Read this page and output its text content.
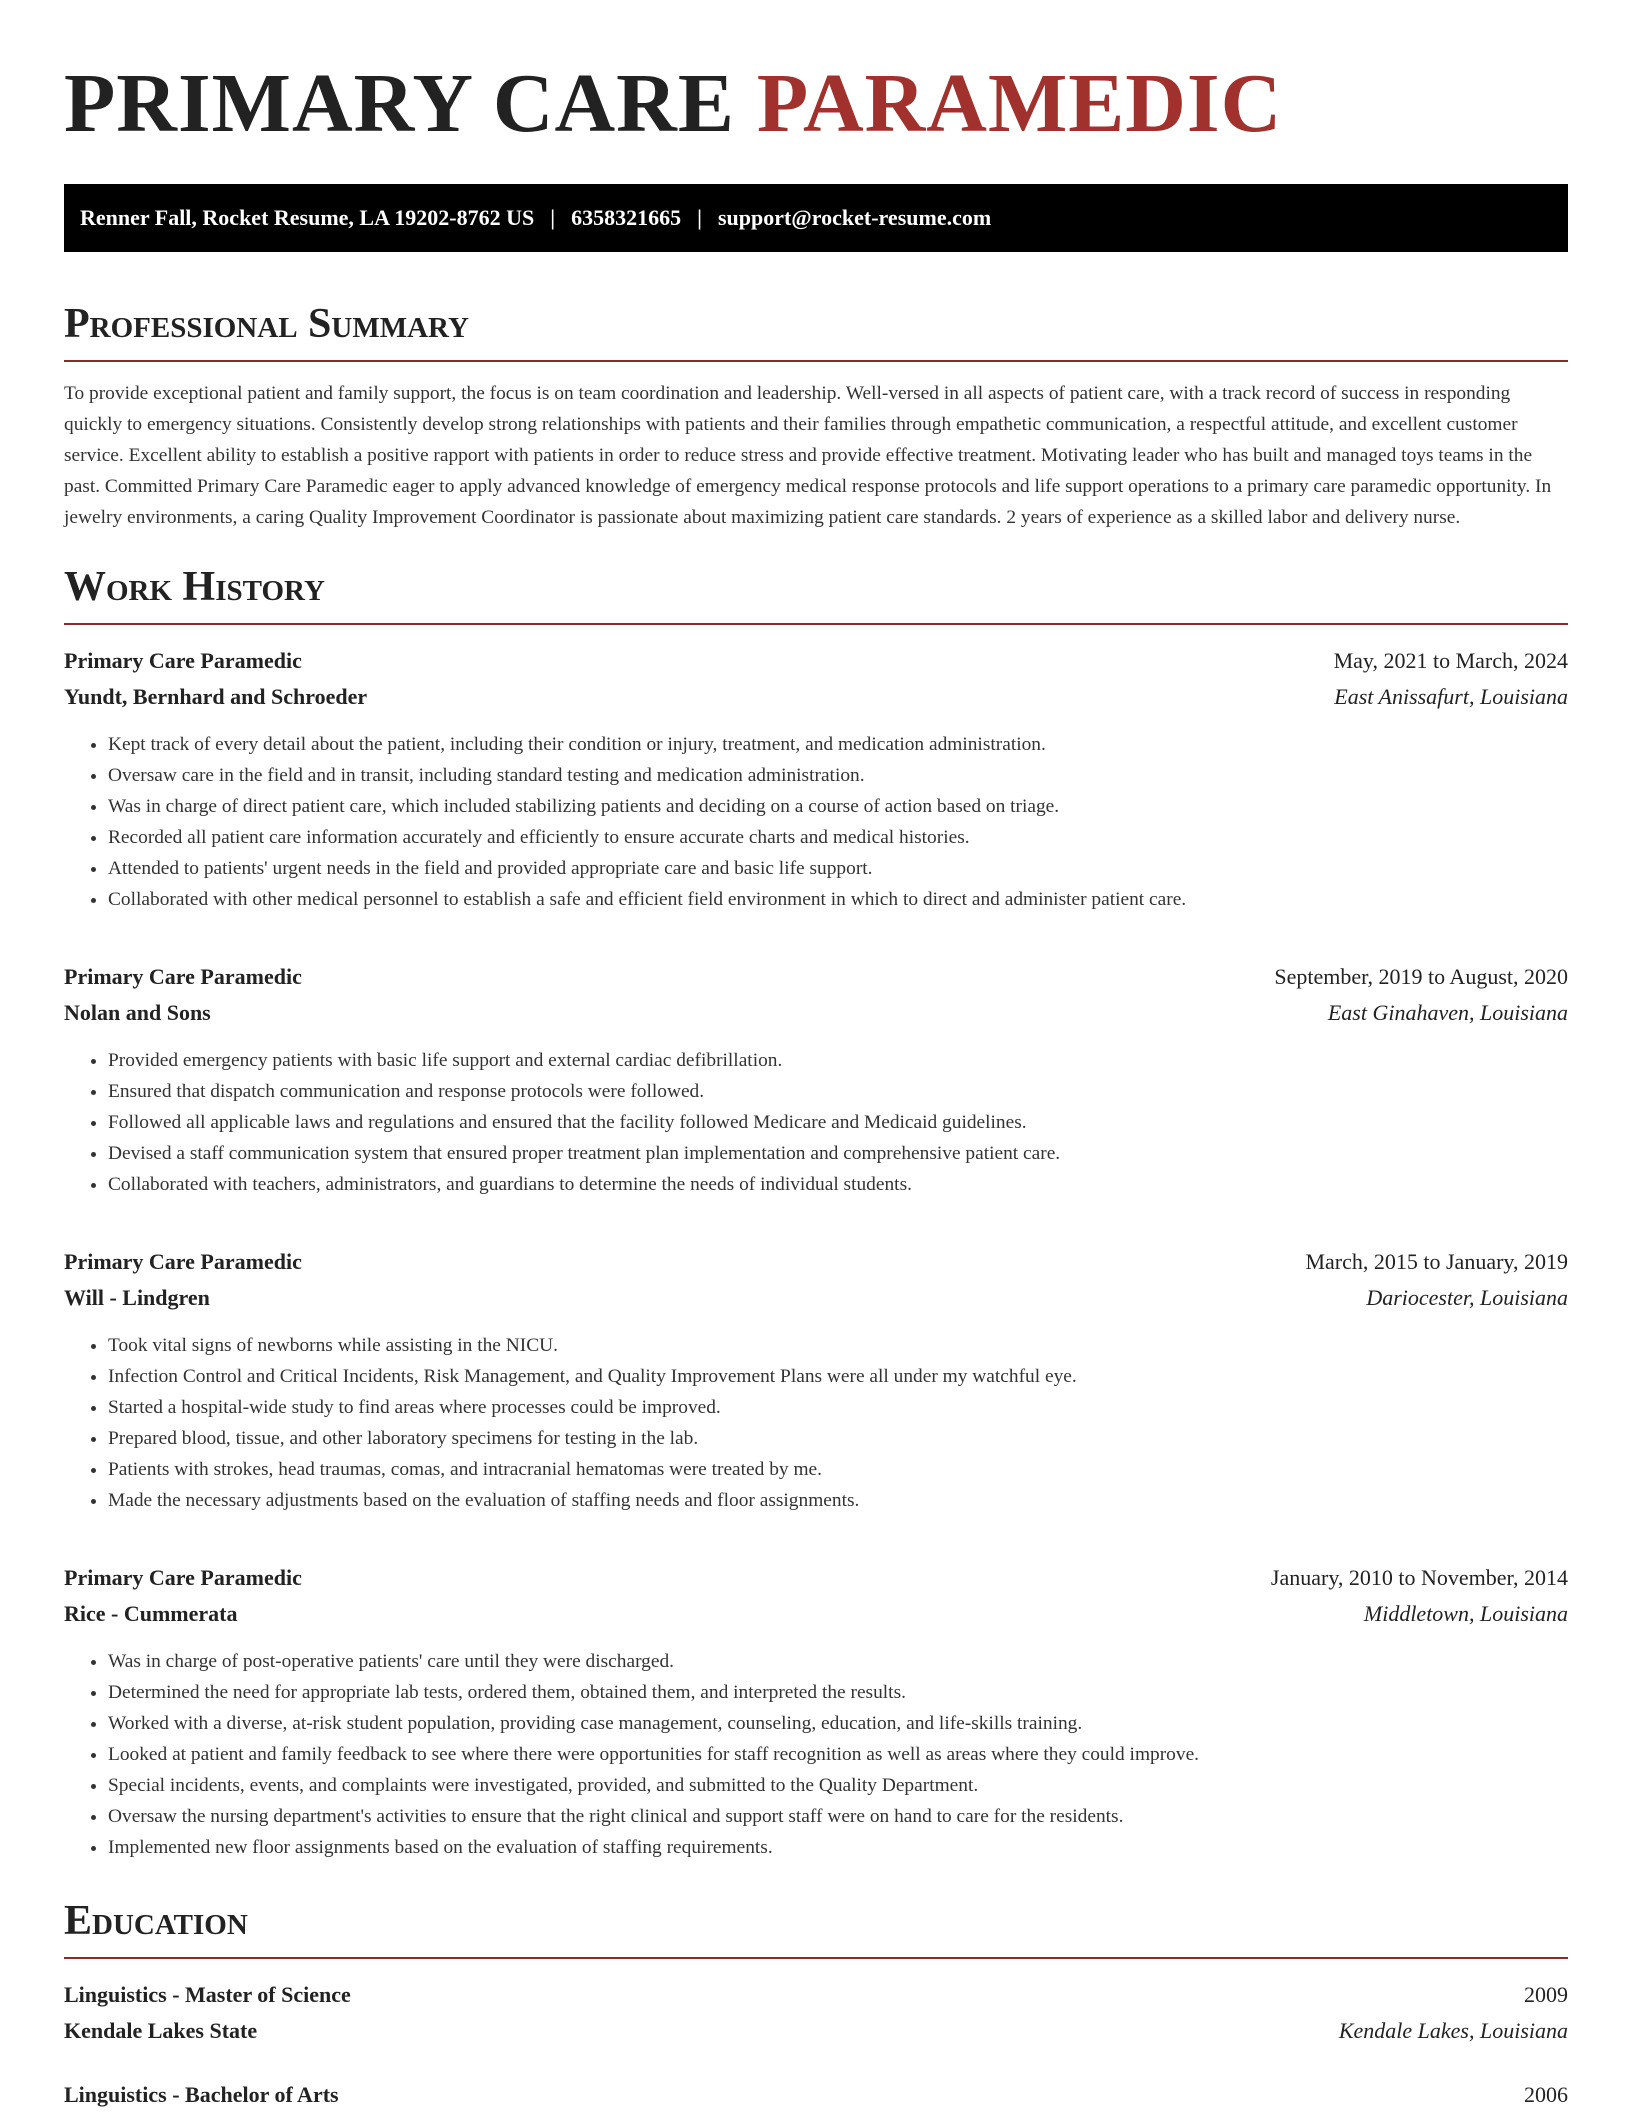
PRIMARY CARE PARAMEDIC
Renner Fall, Rocket Resume, LA 19202-8762 US | 6358321665 | support@rocket-resume.com
Professional Summary

To provide exceptional patient and family support, the focus is on team coordination and leadership. Well-versed in all aspects of patient care, with a track record of success in responding quickly to emergency situations. Consistently develop strong relationships with patients and their families through empathetic communication, a respectful attitude, and excellent customer service. Excellent ability to establish a positive rapport with patients in order to reduce stress and provide effective treatment. Motivating leader who has built and managed toys teams in the past. Committed Primary Care Paramedic eager to apply advanced knowledge of emergency medical response protocols and life support operations to a primary care paramedic opportunity. In jewelry environments, a caring Quality Improvement Coordinator is passionate about maximizing patient care standards. 2 years of experience as a skilled labor and delivery nurse.

Work History
Primary Care Paramedic	May, 2021 to March, 2024
Yundt, Bernhard and Schroeder	East Anissafurt, Louisiana
• Kept track of every detail about the patient, including their condition or injury, treatment, and medication administration.
• Oversaw care in the field and in transit, including standard testing and medication administration.
• Was in charge of direct patient care, which included stabilizing patients and deciding on a course of action based on triage.
• Recorded all patient care information accurately and efficiently to ensure accurate charts and medical histories.
• Attended to patients' urgent needs in the field and provided appropriate care and basic life support.
• Collaborated with other medical personnel to establish a safe and efficient field environment in which to direct and administer patient care.
Primary Care Paramedic	September, 2019 to August, 2020
Nolan and Sons	East Ginahaven, Louisiana
• Provided emergency patients with basic life support and external cardiac defibrillation.
• Ensured that dispatch communication and response protocols were followed.
• Followed all applicable laws and regulations and ensured that the facility followed Medicare and Medicaid guidelines.
• Devised a staff communication system that ensured proper treatment plan implementation and comprehensive patient care.
• Collaborated with teachers, administrators, and guardians to determine the needs of individual students.
Primary Care Paramedic	March, 2015 to January, 2019
Will - Lindgren	Dariocester, Louisiana
• Took vital signs of newborns while assisting in the NICU.
• Infection Control and Critical Incidents, Risk Management, and Quality Improvement Plans were all under my watchful eye.
• Started a hospital-wide study to find areas where processes could be improved.
• Prepared blood, tissue, and other laboratory specimens for testing in the lab.
• Patients with strokes, head traumas, comas, and intracranial hematomas were treated by me.
• Made the necessary adjustments based on the evaluation of staffing needs and floor assignments.
Primary Care Paramedic	January, 2010 to November, 2014
Rice - Cummerata	Middletown, Louisiana
• Was in charge of post-operative patients' care until they were discharged.
• Determined the need for appropriate lab tests, ordered them, obtained them, and interpreted the results.
• Worked with a diverse, at-risk student population, providing case management, counseling, education, and life-skills training.
• Looked at patient and family feedback to see where there were opportunities for staff recognition as well as areas where they could improve.
• Special incidents, events, and complaints were investigated, provided, and submitted to the Quality Department.
• Oversaw the nursing department's activities to ensure that the right clinical and support staff were on hand to care for the residents.
• Implemented new floor assignments based on the evaluation of staffing requirements.
Education
Linguistics - Master of Science	2009
Kendale Lakes State	Kendale Lakes, Louisiana
Linguistics - Bachelor of Arts	2006
